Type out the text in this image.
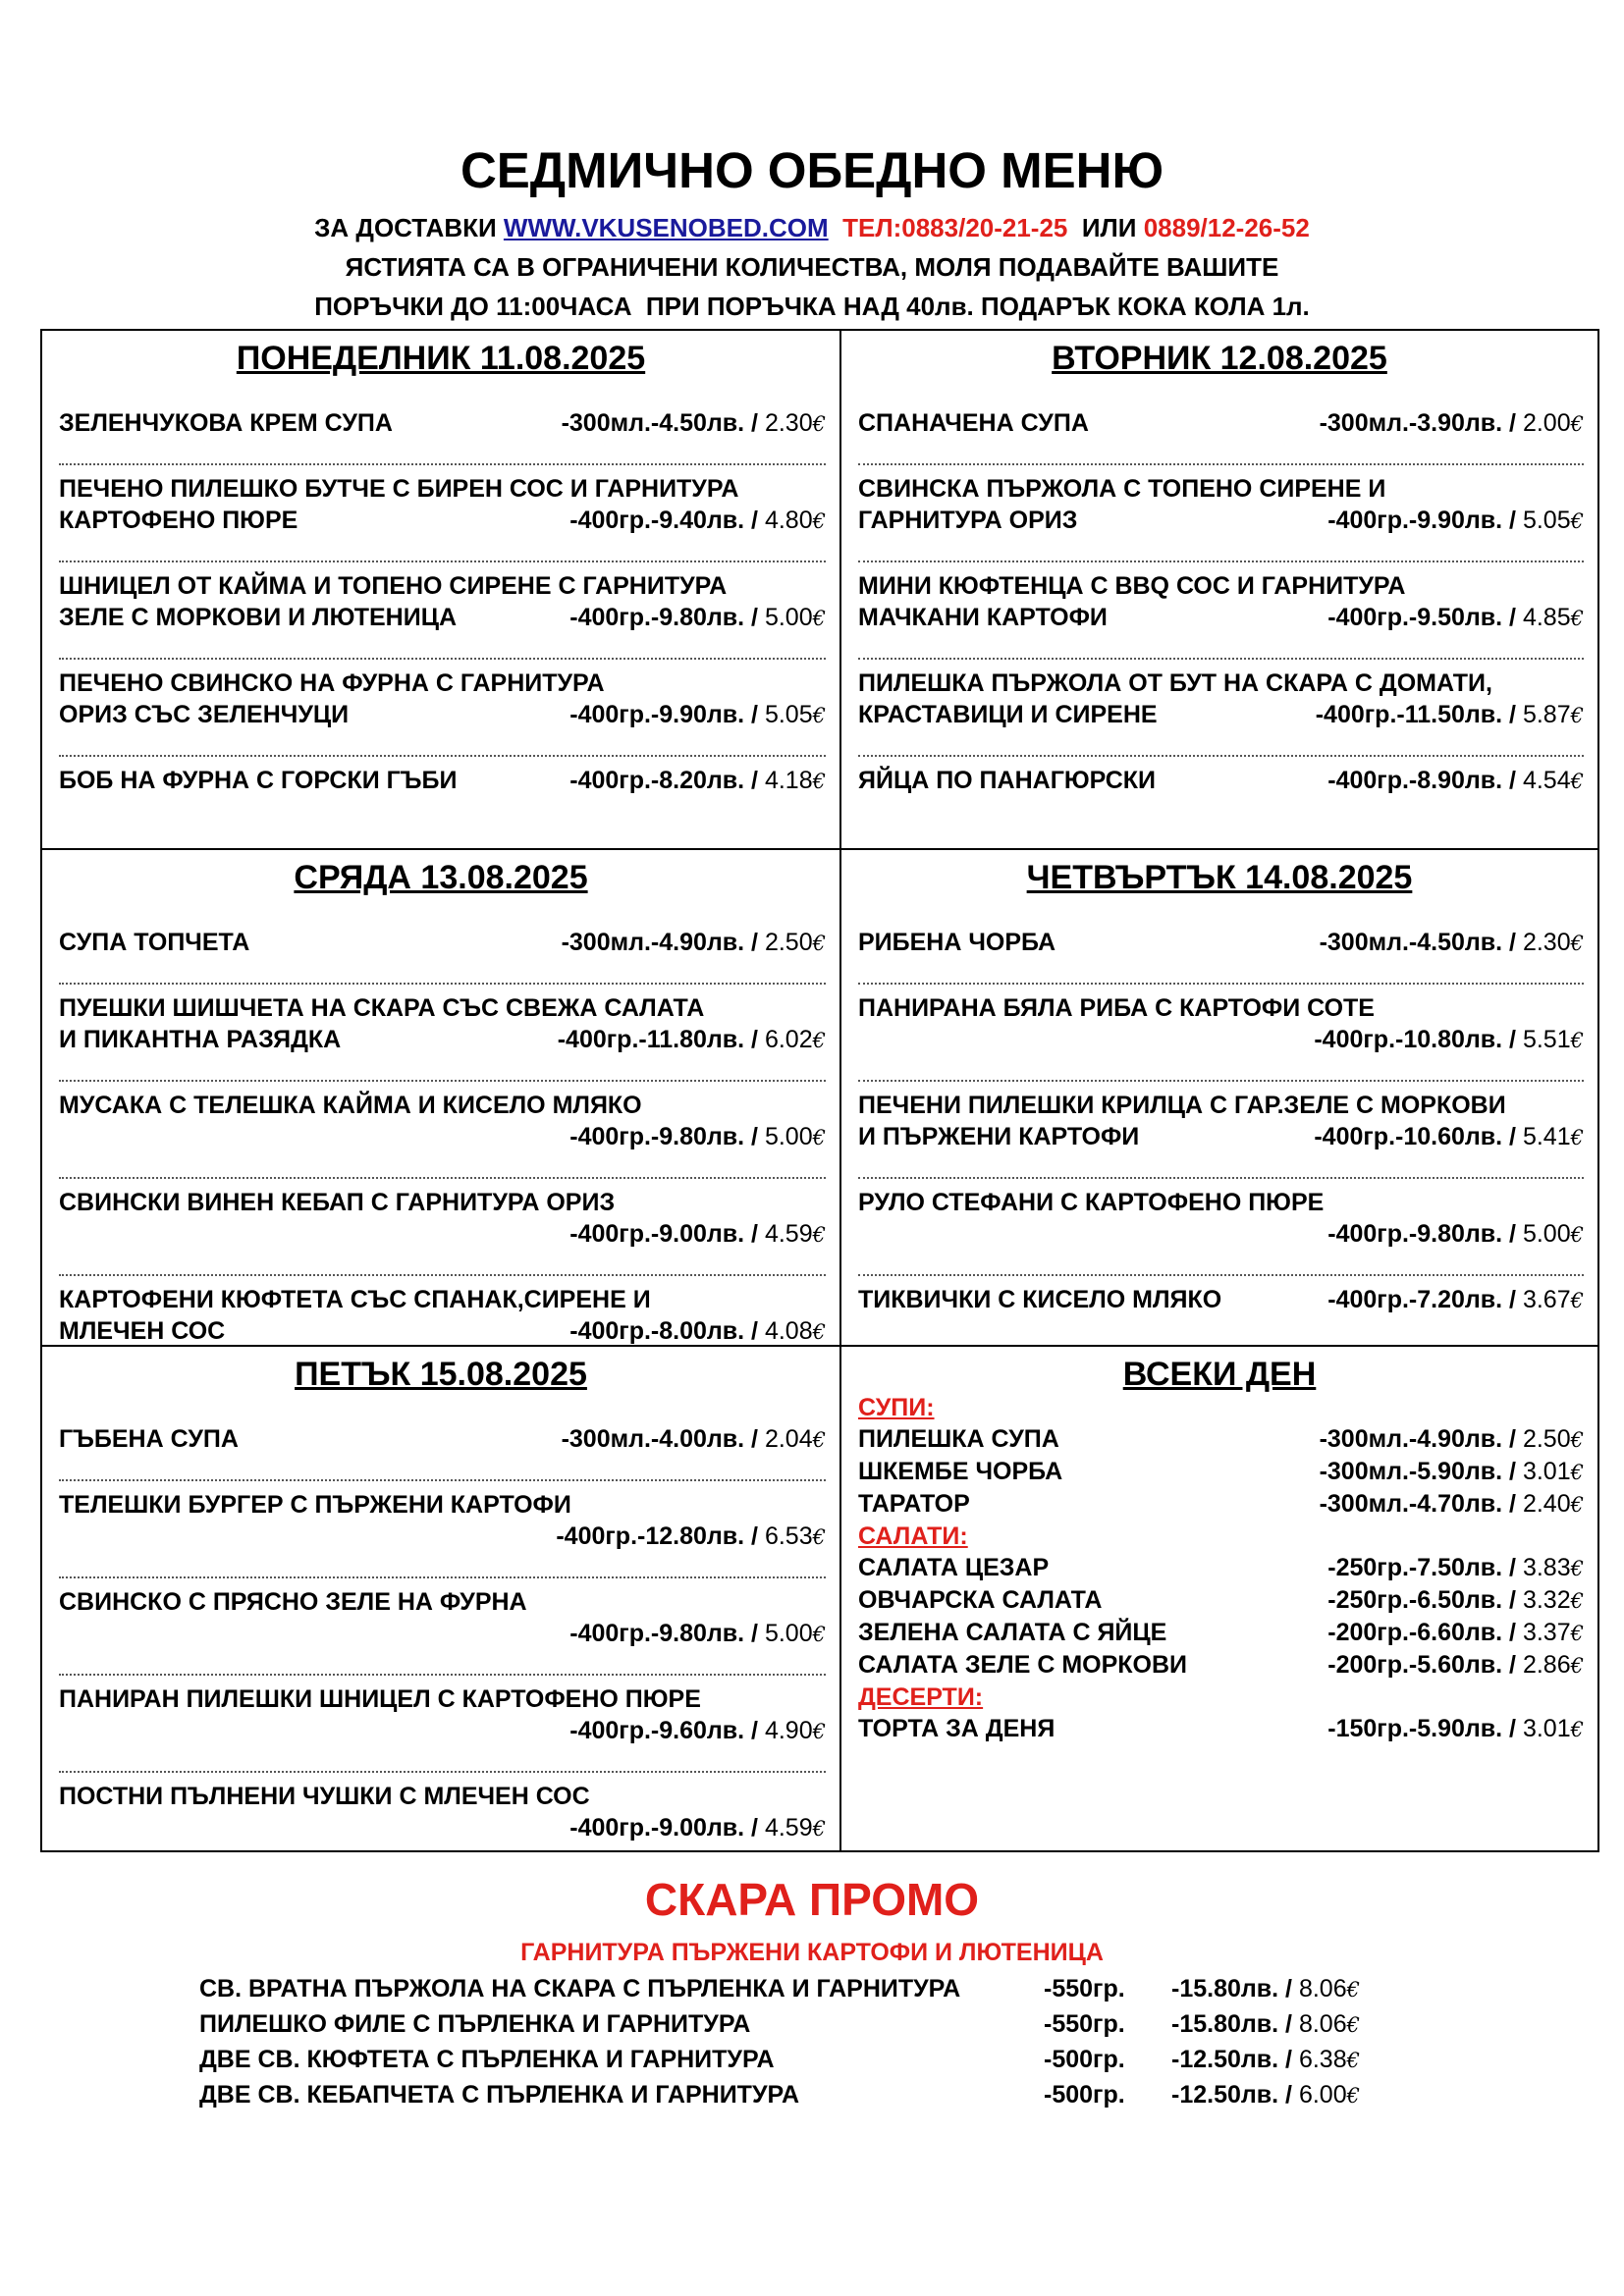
СЕДМИЧНО ОБЕДНО МЕНЮ
ЗА ДОСТАВКИ WWW.VKUSENOBED.COM ТЕЛ:0883/20-21-25 ИЛИ 0889/12-26-52
ЯСТИЯТА СА В ОГРАНИЧЕНИ КОЛИЧЕСТВА, МОЛЯ ПОДАВАЙТЕ ВАШИТЕ
ПОРЪЧКИ ДО 11:00ЧАСА  ПРИ ПОРЪЧКА НАД 40лв. ПОДАРЪК КОКА КОЛА 1л.
ПОНЕДЕЛНИК 11.08.2025
ЗЕЛЕНЧУКОВА КРЕМ СУПА	-300мл.-4.50лв. / 2.30€
ПЕЧЕНО ПИЛЕШКО БУТЧЕ С БИРЕН СОС И ГАРНИТУРА
КАРТОФЕНО ПЮРЕ	-400гр.-9.40лв. / 4.80€
ШНИЦЕЛ ОТ КАЙМА И ТОПЕНО СИРЕНЕ С ГАРНИТУРА
ЗЕЛЕ С МОРКОВИ И ЛЮТЕНИЦА	-400гр.-9.80лв. / 5.00€
ПЕЧЕНО СВИНСКО НА ФУРНА С ГАРНИТУРА
ОРИЗ СЪС ЗЕЛЕНЧУЦИ	-400гр.-9.90лв. / 5.05€
БОБ НА ФУРНА С ГОРСКИ ГЪБИ	-400гр.-8.20лв. / 4.18€
ВТОРНИК 12.08.2025
СПАНАЧЕНА СУПА	-300мл.-3.90лв. / 2.00€
СВИНСКА ПЪРЖОЛА С ТОПЕНО СИРЕНЕ И
ГАРНИТУРА ОРИЗ	-400гр.-9.90лв. / 5.05€
МИНИ КЮФТЕНЦА С BBQ СОС И ГАРНИТУРА
МАЧКАНИ КАРТОФИ	-400гр.-9.50лв. / 4.85€
ПИЛЕШКА ПЪРЖОЛА ОТ БУТ НА СКАРА С ДОМАТИ,
КРАСТАВИЦИ И СИРЕНЕ	-400гр.-11.50лв. / 5.87€
ЯЙЦА ПО ПАНАГЮРСКИ	-400гр.-8.90лв. / 4.54€
СРЯДА 13.08.2025
СУПА ТОПЧЕТА	-300мл.-4.90лв. / 2.50€
ПУЕШКИ ШИШЧЕТА НА СКАРА СЪС СВЕЖА САЛАТА
И ПИКАНТНА РАЗЯДКА	-400гр.-11.80лв. / 6.02€
МУСАКА С ТЕЛЕШКА КАЙМА И КИСЕЛО МЛЯКО
-400гр.-9.80лв. / 5.00€
СВИНСКИ ВИНЕН КЕБАП С ГАРНИТУРА ОРИЗ
-400гр.-9.00лв. / 4.59€
КАРТОФЕНИ КЮФТЕТА СЪС СПАНАК,СИРЕНЕ И
МЛЕЧЕН СОС	-400гр.-8.00лв. / 4.08€
ЧЕТВЪРТЪК 14.08.2025
РИБЕНА ЧОРБА	-300мл.-4.50лв. / 2.30€
ПАНИРАНА БЯЛА РИБА С КАРТОФИ СОТЕ
-400гр.-10.80лв. / 5.51€
ПЕЧЕНИ ПИЛЕШКИ КРИЛЦА С ГАР.ЗЕЛЕ С МОРКОВИ
И ПЪРЖЕНИ КАРТОФИ	-400гр.-10.60лв. / 5.41€
РУЛО СТЕФАНИ С КАРТОФЕНО ПЮРЕ
-400гр.-9.80лв. / 5.00€
ТИКВИЧКИ С КИСЕЛО МЛЯКО	-400гр.-7.20лв. / 3.67€
ПЕТЪК 15.08.2025
ГЪБЕНА СУПА	-300мл.-4.00лв. / 2.04€
ТЕЛЕШКИ БУРГЕР С ПЪРЖЕНИ КАРТОФИ
-400гр.-12.80лв. / 6.53€
СВИНСКО С ПРЯСНО ЗЕЛЕ НА ФУРНА
-400гр.-9.80лв. / 5.00€
ПАНИРАН ПИЛЕШКИ ШНИЦЕЛ С КАРТОФЕНО ПЮРЕ
-400гр.-9.60лв. / 4.90€
ПОСТНИ ПЪЛНЕНИ ЧУШКИ С МЛЕЧЕН СОС
-400гр.-9.00лв. / 4.59€
ВСЕКИ ДЕН
СУПИ:
ПИЛЕШКА СУПА	-300мл.-4.90лв. / 2.50€
ШКЕМБЕ ЧОРБА	-300мл.-5.90лв. / 3.01€
ТАРАТОР	-300мл.-4.70лв. / 2.40€
САЛАТИ:
САЛАТА ЦЕЗАР	-250гр.-7.50лв. / 3.83€
ОВЧАРСКА САЛАТА	-250гр.-6.50лв. / 3.32€
ЗЕЛЕНА САЛАТА С ЯЙЦЕ	-200гр.-6.60лв. / 3.37€
САЛАТА ЗЕЛЕ С МОРКОВИ	-200гр.-5.60лв. / 2.86€
ДЕСЕРТИ:
ТОРТА ЗА ДЕНЯ	-150гр.-5.90лв. / 3.01€
СКАРА ПРОМО
ГАРНИТУРА ПЪРЖЕНИ КАРТОФИ И ЛЮТЕНИЦА
СВ. ВРАТНА ПЪРЖОЛА НА СКАРА С ПЪРЛЕНКА И ГАРНИТУРА	-550гр. -15.80лв. / 8.06€
ПИЛЕШКО ФИЛЕ С ПЪРЛЕНКА И ГАРНИТУРА	-550гр. -15.80лв. / 8.06€
ДВЕ СВ. КЮФТЕТА С ПЪРЛЕНКА И ГАРНИТУРА	-500гр. -12.50лв. / 6.38€
ДВЕ СВ. КЕБАПЧЕТА С ПЪРЛЕНКА И ГАРНИТУРА	-500гр. -12.50лв. / 6.00€
